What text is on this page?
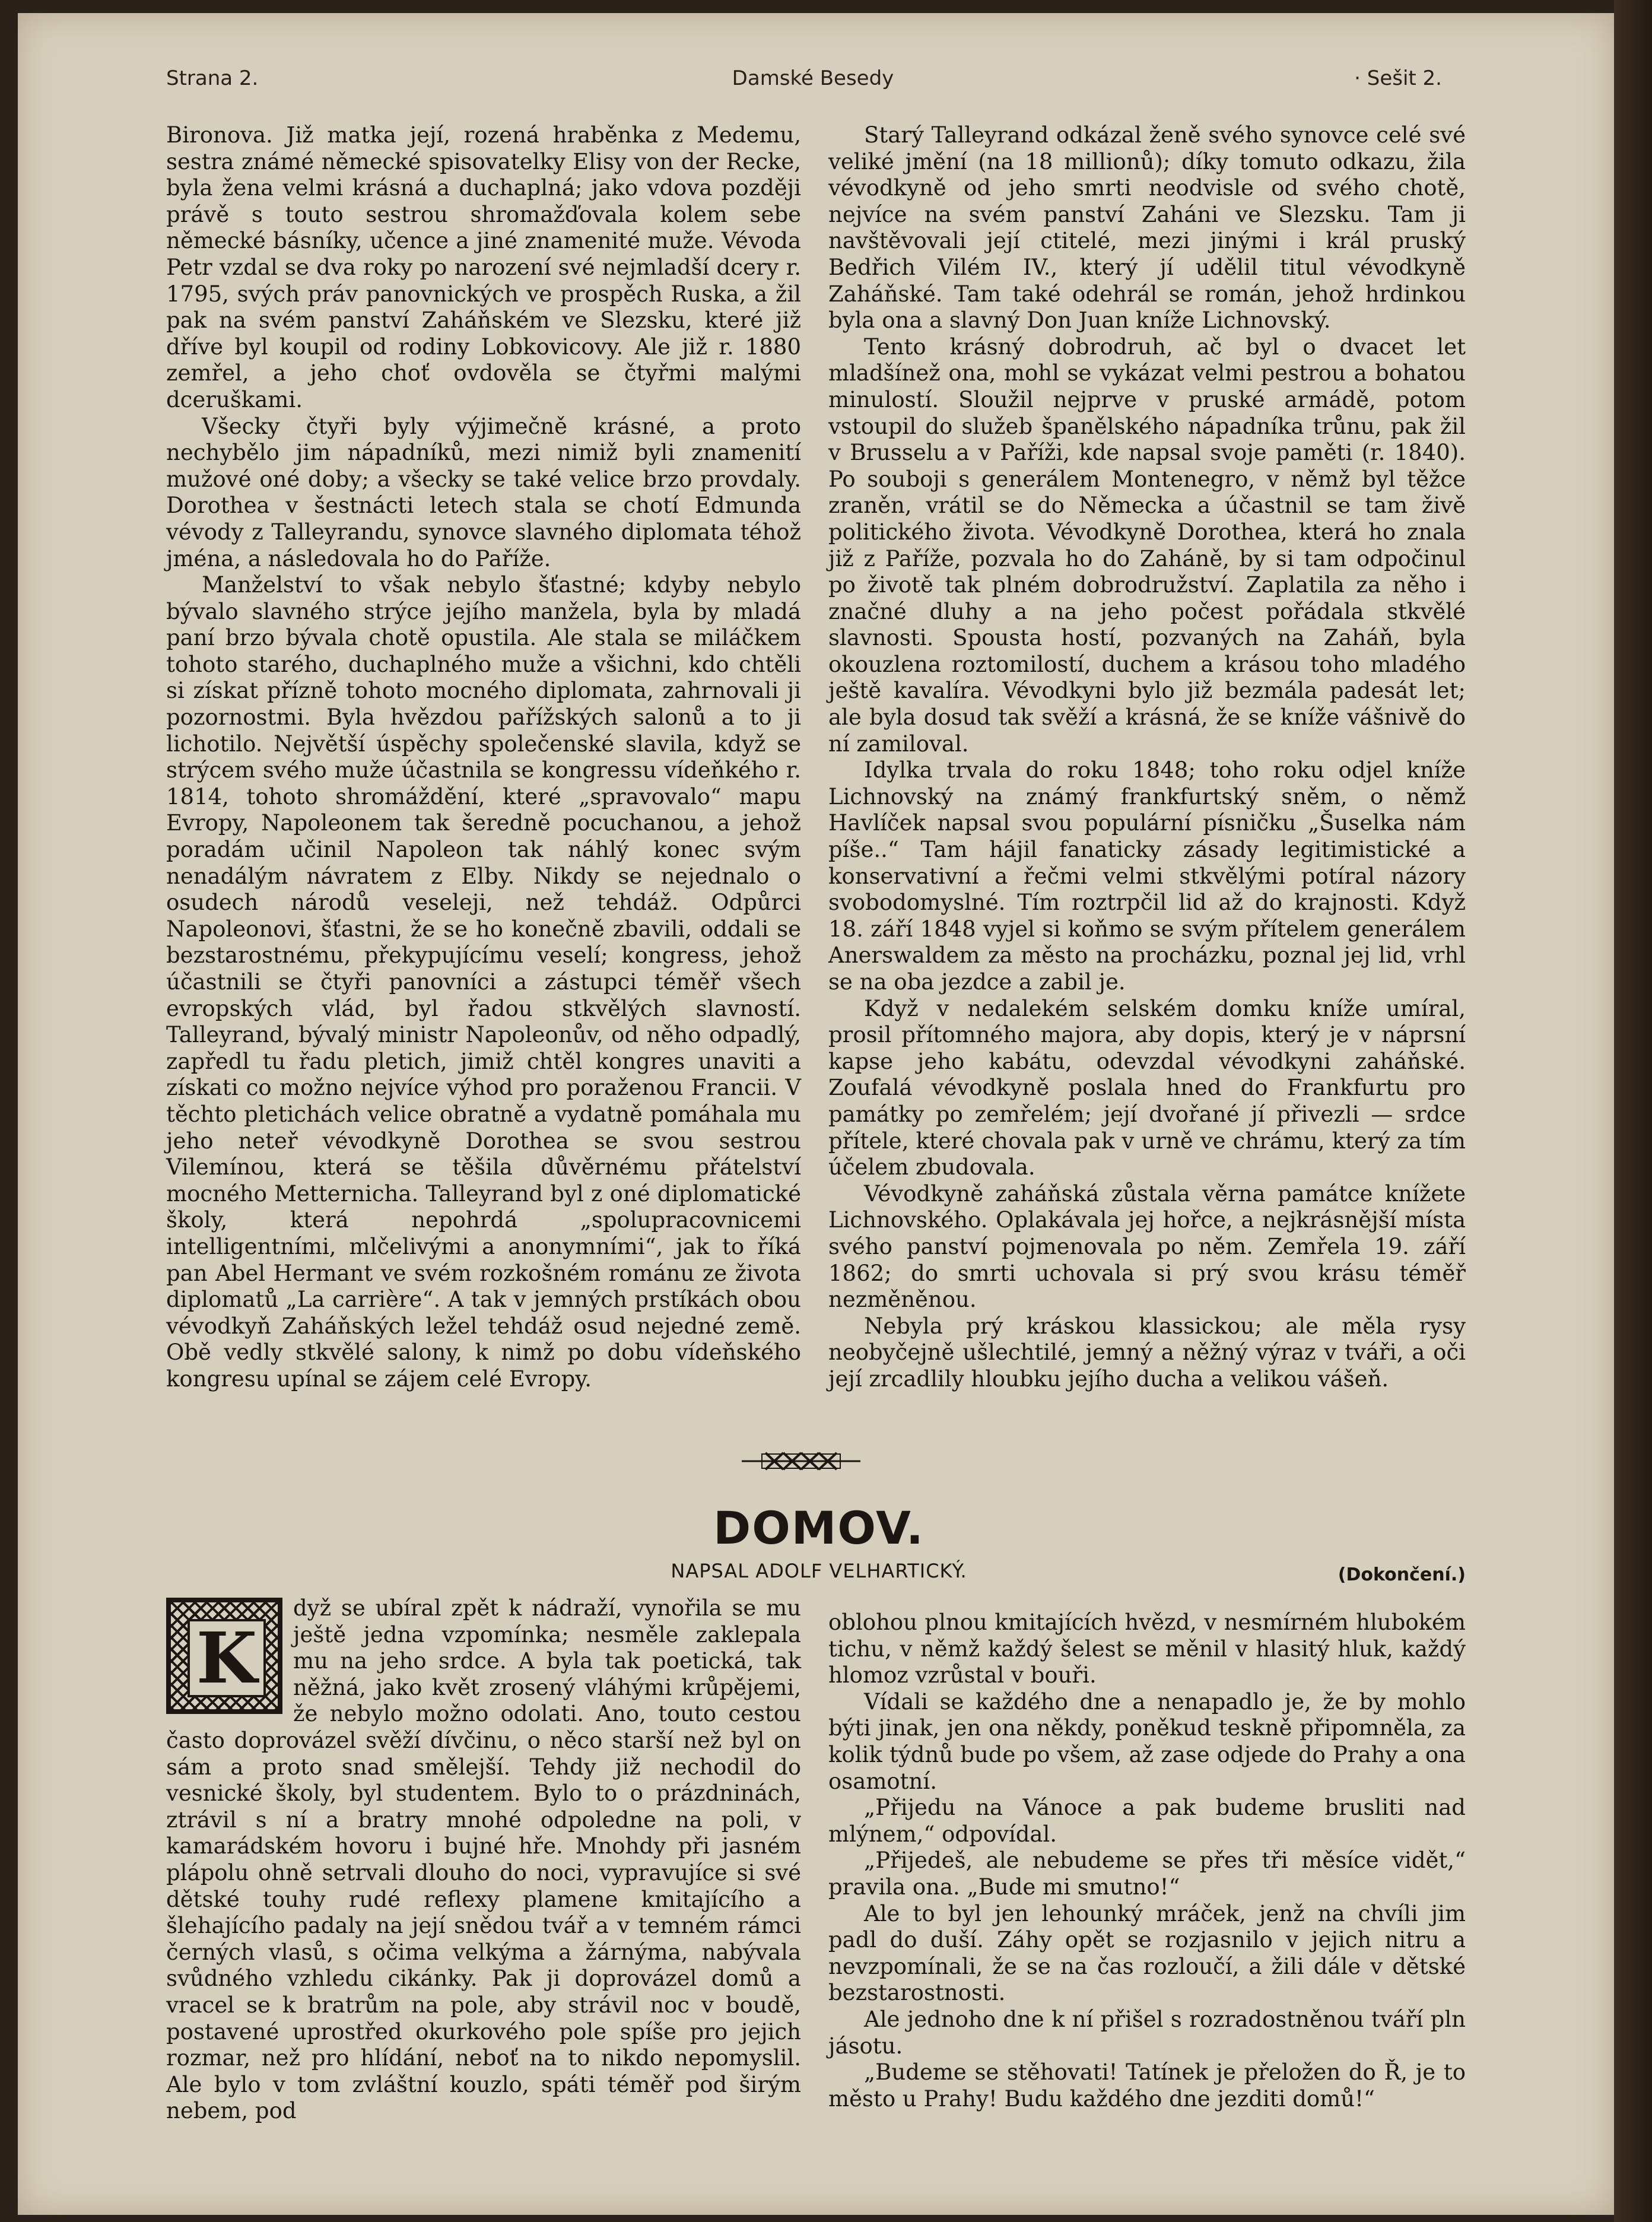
Strana 2.	Damské Besedy	· Sešit 2.

Bironova. Již matka její, rozená hraběnka z Medemu, sestra známé německé spisovatelky Elisy von der Recke, byla žena velmi krásná a duchaplná; jako vdova později právě s touto sestrou shromažďovala kolem sebe německé básníky, učence a jiné znamenité muže. Vévoda Petr vzdal se dva roky po narození své nejmladší dcery r. 1795, svých práv panovnických ve prospěch Ruska, a žil pak na svém panství Zaháňském ve Slezsku, které již dříve byl koupil od rodiny Lobkovicovy. Ale již r. 1880 zemřel, a jeho choť ovdověla se čtyřmi malými dceruškami.

Všecky čtyři byly výjimečně krásné, a proto nechybělo jim nápadníků, mezi nimiž byli znamenití mužové oné doby; a všecky se také velice brzo provdaly. Dorothea v šestnácti letech stala se chotí Edmunda vévody z Talleyrandu, synovce slavného diplomata téhož jména, a následovala ho do Paříže.

Manželství to však nebylo šťastné; kdyby nebylo bývalo slavného strýce jejího manžela, byla by mladá paní brzo bývala chotě opustila. Ale stala se miláčkem tohoto starého, duchaplného muže a všichni, kdo chtěli si získat přízně tohoto mocného diplomata, zahrnovali ji pozornostmi. Byla hvězdou pařížských salonů a to ji lichotilo. Největší úspěchy společenské slavila, když se strýcem svého muže účastnila se kongressu vídeňkého r. 1814, tohoto shromáždění, které „spravovalo“ mapu Evropy, Napoleonem tak šeredně pocuchanou, a jehož poradám učinil Napoleon tak náhlý konec svým nenadálým návratem z Elby. Nikdy se nejednalo o osudech národů veseleji, než tehdáž. Odpůrci Napoleonovi, šťastni, že se ho konečně zbavili, oddali se bezstarostnému, překypujícímu veselí; kongress, jehož účastnili se čtyři panovníci a zástupci téměř všech evropských vlád, byl řadou stkvělých slavností. Talleyrand, bývalý ministr Napoleonův, od něho odpadlý, zapředl tu řadu pletich, jimiž chtěl kongres unaviti a získati co možno nejvíce výhod pro poraženou Francii. V těchto pletichách velice obratně a vydatně pomáhala mu jeho neteř vévodkyně Dorothea se svou sestrou Vilemínou, která se těšila důvěrnému přátelství mocného Metternicha. Talleyrand byl z oné diplomatické školy, která nepohrdá „spolupracovnicemi intelligentními, mlčelivými a anonymními“, jak to říká pan Abel Hermant ve svém rozkošném románu ze života diplomatů „La carrière“. A tak v jemných prstíkách obou vévodkyň Zaháňských ležel tehdáž osud nejedné země. Obě vedly stkvělé salony, k nimž po dobu vídeňského kongresu upínal se zájem celé Evropy.

Starý Talleyrand odkázal ženě svého synovce celé své veliké jmění (na 18 millionů); díky tomuto odkazu, žila vévodkyně od jeho smrti neodvisle od svého chotě, nejvíce na svém panství Zaháni ve Slezsku. Tam ji navštěvovali její ctitelé, mezi jinými i král pruský Bedřich Vilém IV., který jí udělil titul vévodkyně Zaháňské. Tam také odehrál se román, jehož hrdinkou byla ona a slavný Don Juan kníže Lichnovský.

Tento krásný dobrodruh, ač byl o dvacet let mladšínež ona, mohl se vykázat velmi pestrou a bohatou minulostí. Sloužil nejprve v pruské armádě, potom vstoupil do služeb španělského nápadníka trůnu, pak žil v Brusselu a v Paříži, kde napsal svoje paměti (r. 1840). Po souboji s generálem Montenegro, v němž byl těžce zraněn, vrátil se do Německa a účastnil se tam živě politického života. Vévodkyně Dorothea, která ho znala již z Paříže, pozvala ho do Zaháně, by si tam odpočinul po životě tak plném dobrodružství. Zaplatila za něho i značné dluhy a na jeho počest pořádala stkvělé slavnosti. Spousta hostí, pozvaných na Zaháň, byla okouzlena roztomilostí, duchem a krásou toho mladého ještě kavalíra. Vévodkyni bylo již bezmála padesát let; ale byla dosud tak svěží a krásná, že se kníže vášnivě do ní zamiloval.

Idylka trvala do roku 1848; toho roku odjel kníže Lichnovský na známý frankfurtský sněm, o němž Havlíček napsal svou populární písničku „Šuselka nám píše..“ Tam hájil fanaticky zásady legitimistické a konservativní a řečmi velmi stkvělými potíral názory svobodomyslné. Tím roztrpčil lid až do krajnosti. Když 18. září 1848 vyjel si koňmo se svým přítelem generálem Anerswaldem za město na procházku, poznal jej lid, vrhl se na oba jezdce a zabil je.

Když v nedalekém selském domku kníže umíral, prosil přítomného majora, aby dopis, který je v náprsní kapse jeho kabátu, odevzdal vévodkyni zaháňské. Zoufalá vévodkyně poslala hned do Frankfurtu pro památky po zemřelém; její dvořané jí přivezli — srdce přítele, které chovala pak v urně ve chrámu, který za tím účelem zbudovala.

Vévodkyně zaháňská zůstala věrna památce knížete Lichnovského. Oplakávala jej hořce, a nejkrásnější místa svého panství pojmenovala po něm. Zemřela 19. září 1862; do smrti uchovala si prý svou krásu téměř nezměněnou.

Nebyla prý kráskou klassickou; ale měla rysy neobyčejně ušlechtilé, jemný a něžný výraz v tváři, a oči její zrcadlily hloubku jejího ducha a velikou vášeň.

DOMOV.
NAPSAL ADOLF VELHARTICKÝ.	(Dokončení.)
K

dyž se ubíral zpět k nádraží, vynořila se mu ještě jedna vzpomínka; nesměle zaklepala mu na jeho srdce. A byla tak poetická, tak něžná, jako květ zrosený vláhými krůpějemi, že nebylo možno odolati. Ano, touto cestou často doprovázel svěží dívčinu, o něco starší než byl on sám a proto snad smělejší. Tehdy již nechodil do vesnické školy, byl studentem. Bylo to o prázdninách, ztrávil s ní a bratry mnohé odpoledne na poli, v kamarádském hovoru i bujné hře. Mnohdy při jasném plápolu ohně setrvali dlouho do noci, vypravujíce si své dětské touhy rudé reflexy plamene kmitajícího a šlehajícího padaly na její snědou tvář a v temném rámci černých vlasů, s očima velkýma a žárnýma, nabývala svůdného vzhledu cikánky. Pak ji doprovázel domů a vracel se k bratrům na pole, aby strávil noc v boudě, postavené uprostřed okurkového pole spíše pro jejich rozmar, než pro hlídání, neboť na to nikdo nepomyslil. Ale bylo v tom zvláštní kouzlo, spáti téměř pod širým nebem, pod

oblohou plnou kmitajících hvězd, v nesmírném hlubokém tichu, v němž každý šelest se měnil v hlasitý hluk, každý hlomoz vzrůstal v bouři.

Vídali se každého dne a nenapadlo je, že by mohlo býti jinak, jen ona někdy, poněkud teskně připomněla, za kolik týdnů bude po všem, až zase odjede do Prahy a ona osamotní.

„Přijedu na Vánoce a pak budeme brusliti nad mlýnem,“ odpovídal.

„Přijedeš, ale nebudeme se přes tři měsíce vidět,“ pravila ona. „Bude mi smutno!“

Ale to byl jen lehounký mráček, jenž na chvíli jim padl do duší. Záhy opět se rozjasnilo v jejich nitru a nevzpomínali, že se na čas rozloučí, a žili dále v dětské bezstarostnosti.

Ale jednoho dne k ní přišel s rozradostněnou tváří pln jásotu.

„Budeme se stěhovati! Tatínek je přeložen do Ř, je to město u Prahy! Budu každého dne jezditi domů!“
